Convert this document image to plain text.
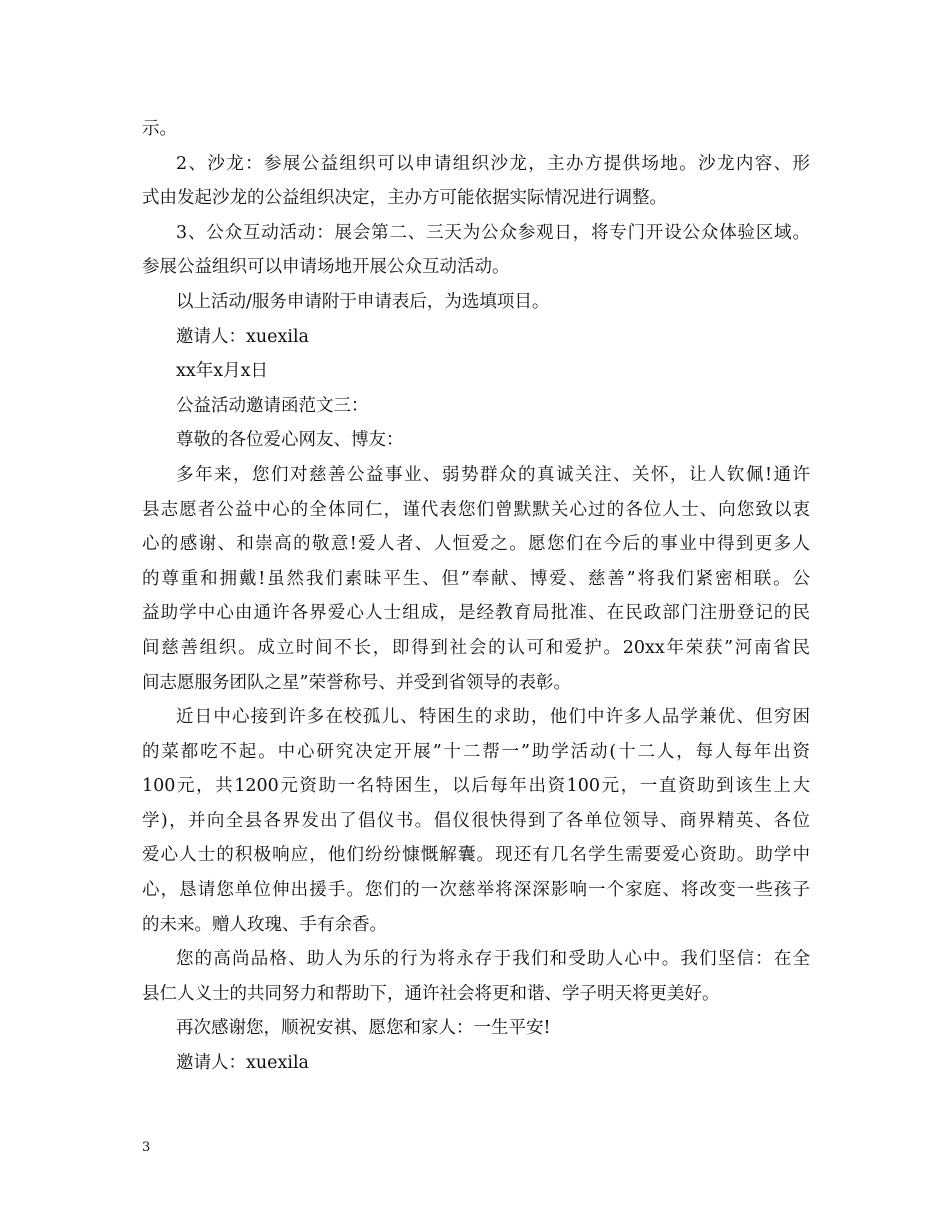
示。
2、沙龙：参展公益组织可以申请组织沙龙，主办方提供场地。沙龙内容、形
式由发起沙龙的公益组织决定，主办方可能依据实际情况进行调整。
3、公众互动活动：展会第二、三天为公众参观日，将专门开设公众体验区域。
参展公益组织可以申请场地开展公众互动活动。
以上活动/服务申请附于申请表后，为选填项目。
邀请人：xuexila
xx年x月x日
公益活动邀请函范文三：
尊敬的各位爱心网友、博友：
多年来，您们对慈善公益事业、弱势群众的真诚关注、关怀，让人钦佩!通许
县志愿者公益中心的全体同仁，谨代表您们曾默默关心过的各位人士、向您致以衷
心的感谢、和崇高的敬意!爱人者、人恒爱之。愿您们在今后的事业中得到更多人
的尊重和拥戴!虽然我们素昧平生、但”奉献、博爱、慈善”将我们紧密相联。公
益助学中心由通许各界爱心人士组成，是经教育局批准、在民政部门注册登记的民
间慈善组织。成立时间不长，即得到社会的认可和爱护。20xx年荣获”河南省民
间志愿服务团队之星”荣誉称号、并受到省领导的表彰。
近日中心接到许多在校孤儿、特困生的求助，他们中许多人品学兼优、但穷困
的菜都吃不起。中心研究决定开展”十二帮一”助学活动(十二人，每人每年出资
100元，共1200元资助一名特困生，以后每年出资100元，一直资助到该生上大
学)，并向全县各界发出了倡仪书。倡仪很快得到了各单位领导、商界精英、各位
爱心人士的积极响应，他们纷纷慷慨解囊。现还有几名学生需要爱心资助。助学中
心，恳请您单位伸出援手。您们的一次慈举将深深影响一个家庭、将改变一些孩子
的未来。赠人玫瑰、手有余香。
您的高尚品格、助人为乐的行为将永存于我们和受助人心中。我们坚信：在全
县仁人义士的共同努力和帮助下，通许社会将更和谐、学子明天将更美好。
再次感谢您，顺祝安祺、愿您和家人：一生平安!
邀请人：xuexila
3
